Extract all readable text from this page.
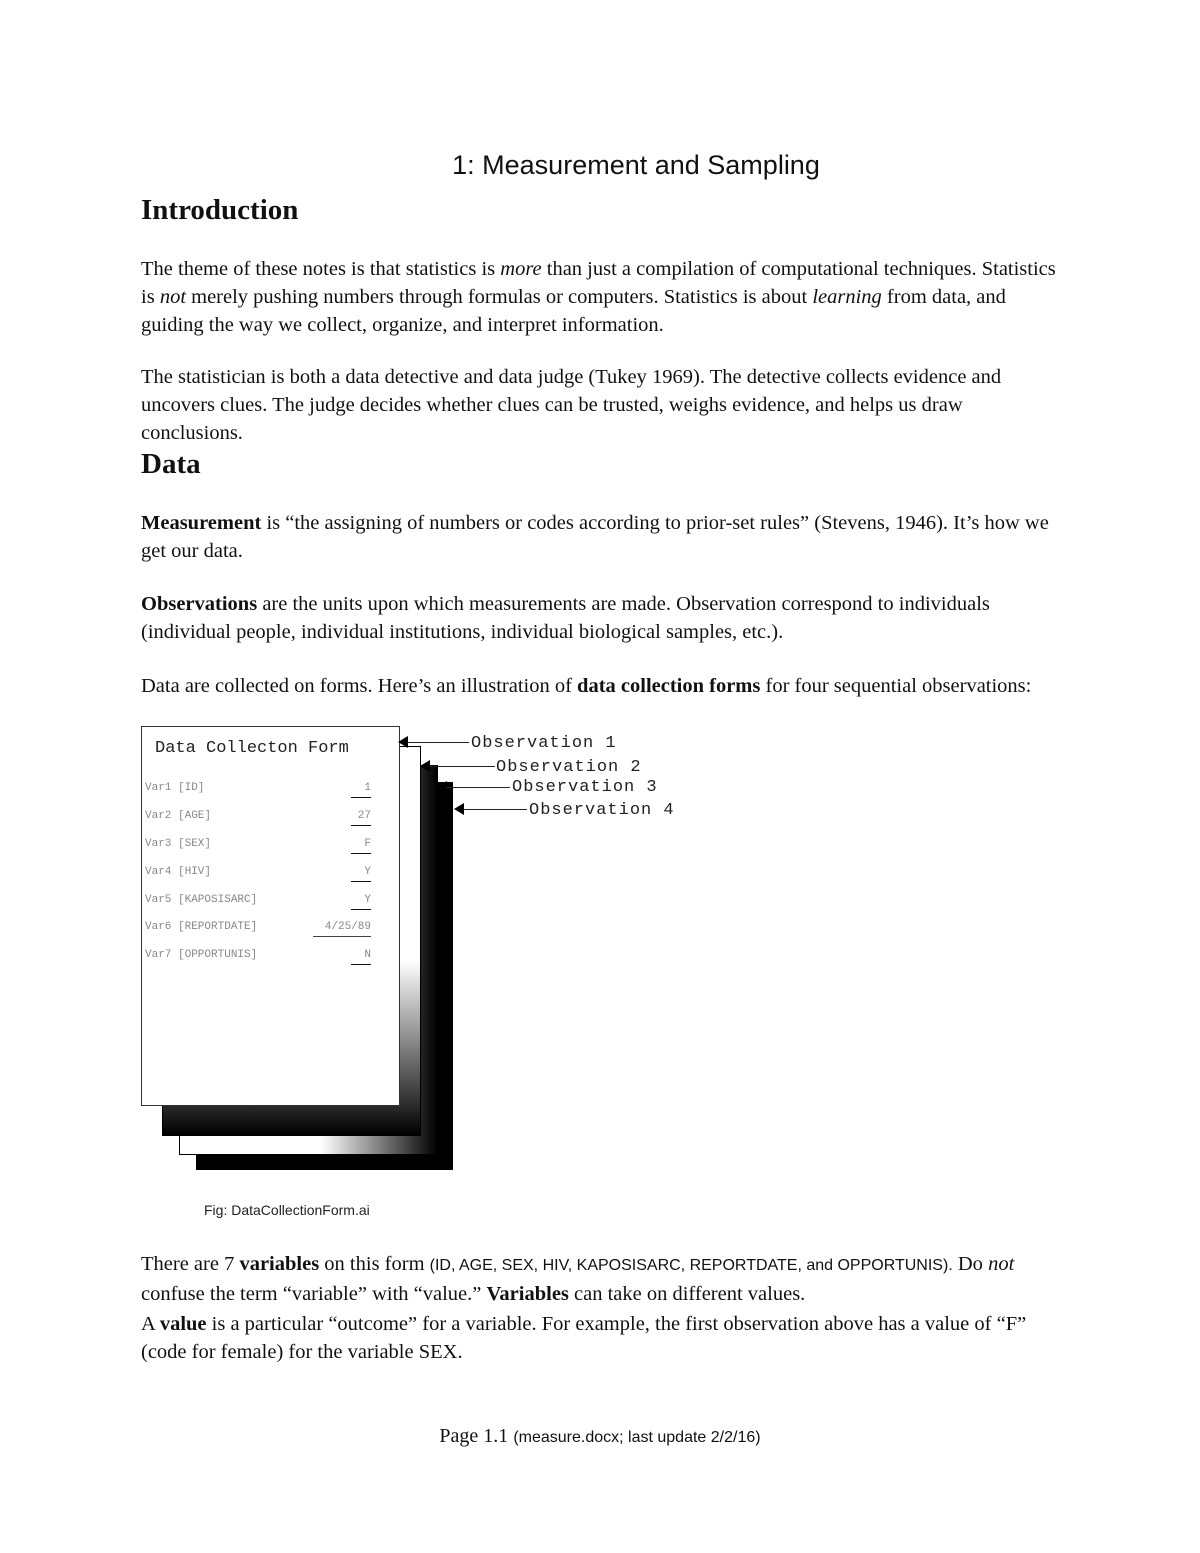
1: Measurement and Sampling
Introduction

The theme of these notes is that statistics is more than just a compilation of computational techniques. Statistics is not merely pushing numbers through formulas or computers. Statistics is about learning from data, and guiding the way we collect, organize, and interpret information.

The statistician is both a data detective and data judge (Tukey 1969). The detective collects evidence and uncovers clues. The judge decides whether clues can be trusted, weighs evidence, and helps us draw conclusions.

Data

Measurement is “the assigning of numbers or codes according to prior-set rules” (Stevens, 1946). It’s how we get our data.

Observations are the units upon which measurements are made. Observation correspond to individuals (individual people, individual institutions, individual biological samples, etc.).

Data are collected on forms. Here’s an illustration of data collection forms for four sequential observations:

Data Collecton Form
Var1 [ID]	1
Var2 [AGE]	27
Var3 [SEX]	F
Var4 [HIV]	Y
Var5 [KAPOSISARC]	Y
Var6 [REPORTDATE]	4/25/89
Var7 [OPPORTUNIS]	N
Observation 1
Observation 2
Observation 3
Observation 4
Fig: DataCollectionForm.ai

There are 7 variables on this form (ID, AGE, SEX, HIV, KAPOSISARC, REPORTDATE, and OPPORTUNIS). Do not confuse the term “variable” with “value.” Variables can take on different values.

A value is a particular “outcome” for a variable. For example, the first observation above has a value of “F” (code for female) for the variable SEX.

Page 1.1 (measure.docx; last update 2/2/16)
